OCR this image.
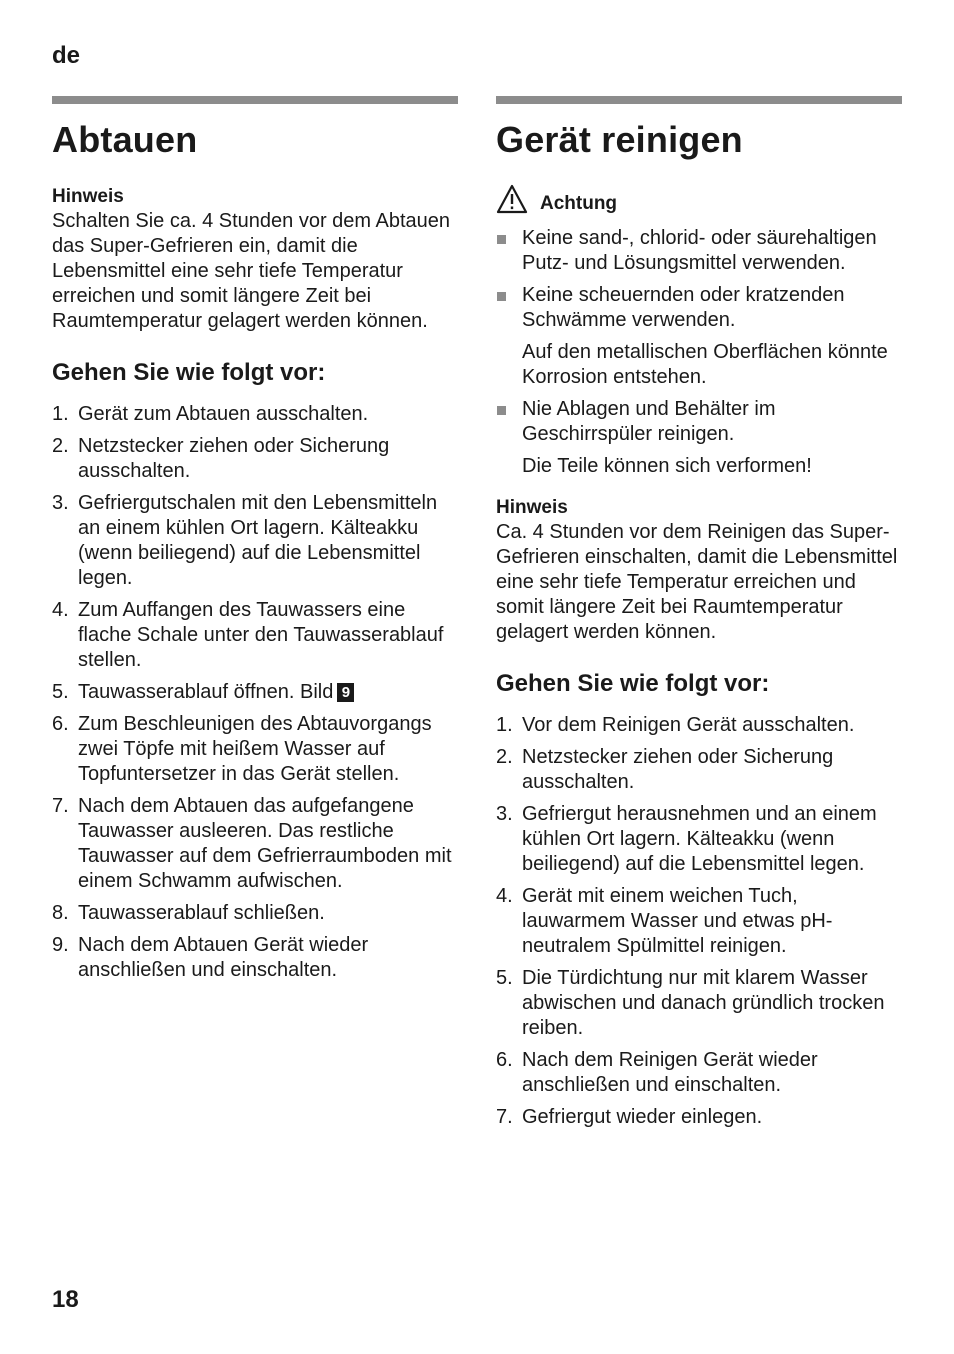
de
Abtauen
Hinweis

Schalten Sie ca. 4 Stunden vor dem Abtauen das Super-Gefrieren ein, damit die Lebensmittel eine sehr tiefe Temperatur erreichen und somit längere Zeit bei Raumtemperatur gelagert werden können.

Gehen Sie wie folgt vor:
1. Gerät zum Abtauen ausschalten.
2. Netzstecker ziehen oder Sicherung ausschalten.
3. Gefriergutschalen mit den Lebensmitteln an einem kühlen Ort lagern. Kälteakku (wenn beiliegend) auf die Lebensmittel legen.
4. Zum Auffangen des Tauwassers eine flache Schale unter den Tauwasserablauf stellen.
5. Tauwasserablauf öffnen. Bild 9
6. Zum Beschleunigen des Abtauvorgangs zwei Töpfe mit heißem Wasser auf Topfuntersetzer in das Gerät stellen.
7. Nach dem Abtauen das aufgefangene Tauwasser ausleeren. Das restliche Tauwasser auf dem Gefrierraumboden mit einem Schwamm aufwischen.
8. Tauwasserablauf schließen.
9. Nach dem Abtauen Gerät wieder anschließen und einschalten.
Gerät reinigen
Achtung
Keine sand-, chlorid- oder säurehaltigen Putz- und Lösungsmittel verwenden.
Keine scheuernden oder kratzenden Schwämme verwenden.
Auf den metallischen Oberflächen könnte Korrosion entstehen.
Nie Ablagen und Behälter im Geschirrspüler reinigen.
Die Teile können sich verformen!
Hinweis

Ca. 4 Stunden vor dem Reinigen das Super-Gefrieren einschalten, damit die Lebensmittel eine sehr tiefe Temperatur erreichen und somit längere Zeit bei Raumtemperatur gelagert werden können.

Gehen Sie wie folgt vor:
1. Vor dem Reinigen Gerät ausschalten.
2. Netzstecker ziehen oder Sicherung ausschalten.
3. Gefriergut herausnehmen und an einem kühlen Ort lagern. Kälteakku (wenn beiliegend) auf die Lebensmittel legen.
4. Gerät mit einem weichen Tuch, lauwarmem Wasser und etwas pH-neutralem Spülmittel reinigen.
5. Die Türdichtung nur mit klarem Wasser abwischen und danach gründlich trocken reiben.
6. Nach dem Reinigen Gerät wieder anschließen und einschalten.
7. Gefriergut wieder einlegen.
18
